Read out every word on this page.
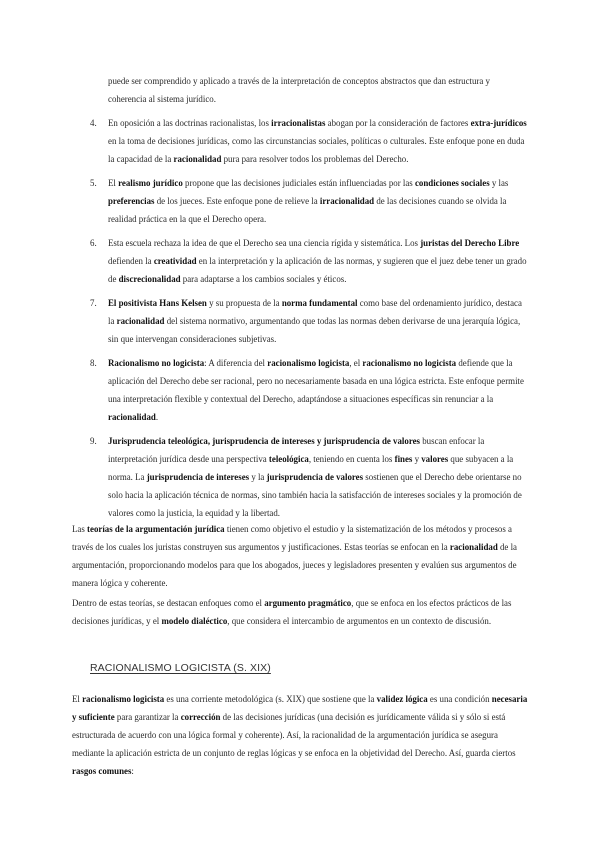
puede ser comprendido y aplicado a través de la interpretación de conceptos abstractos que dan estructura y coherencia al sistema jurídico.

4. En oposición a las doctrinas racionalistas, los irracionalistas abogan por la consideración de factores extra-jurídicos en la toma de decisiones jurídicas, como las circunstancias sociales, políticas o culturales. Este enfoque pone en duda la capacidad de la racionalidad pura para resolver todos los problemas del Derecho.

5. El realismo jurídico propone que las decisiones judiciales están influenciadas por las condiciones sociales y las preferencias de los jueces. Este enfoque pone de relieve la irracionalidad de las decisiones cuando se olvida la realidad práctica en la que el Derecho opera.

6. Esta escuela rechaza la idea de que el Derecho sea una ciencia rígida y sistemática. Los juristas del Derecho Libre defienden la creatividad en la interpretación y la aplicación de las normas, y sugieren que el juez debe tener un grado de discrecionalidad para adaptarse a los cambios sociales y éticos.

7. El positivista Hans Kelsen y su propuesta de la norma fundamental como base del ordenamiento jurídico, destaca la racionalidad del sistema normativo, argumentando que todas las normas deben derivarse de una jerarquía lógica, sin que intervengan consideraciones subjetivas.

8. Racionalismo no logicista: A diferencia del racionalismo logicista, el racionalismo no logicista defiende que la aplicación del Derecho debe ser racional, pero no necesariamente basada en una lógica estricta. Este enfoque permite una interpretación flexible y contextual del Derecho, adaptándose a situaciones específicas sin renunciar a la racionalidad.

9. Jurisprudencia teleológica, jurisprudencia de intereses y jurisprudencia de valores buscan enfocar la interpretación jurídica desde una perspectiva teleológica, teniendo en cuenta los fines y valores que subyacen a la norma. La jurisprudencia de intereses y la jurisprudencia de valores sostienen que el Derecho debe orientarse no solo hacia la aplicación técnica de normas, sino también hacia la satisfacción de intereses sociales y la promoción de valores como la justicia, la equidad y la libertad.

Las teorías de la argumentación jurídica tienen como objetivo el estudio y la sistematización de los métodos y procesos a través de los cuales los juristas construyen sus argumentos y justificaciones. Estas teorías se enfocan en la racionalidad de la argumentación, proporcionando modelos para que los abogados, jueces y legisladores presenten y evalúen sus argumentos de manera lógica y coherente.

Dentro de estas teorías, se destacan enfoques como el argumento pragmático, que se enfoca en los efectos prácticos de las decisiones jurídicas, y el modelo dialéctico, que considera el intercambio de argumentos en un contexto de discusión.

RACIONALISMO LOGICISTA (S. XIX)

El racionalismo logicista es una corriente metodológica (s. XIX) que sostiene que la validez lógica es una condición necesaria y suficiente para garantizar la corrección de las decisiones jurídicas (una decisión es jurídicamente válida si y sólo si está estructurada de acuerdo con una lógica formal y coherente). Así, la racionalidad de la argumentación jurídica se asegura mediante la aplicación estricta de un conjunto de reglas lógicas y se enfoca en la objetividad del Derecho. Así, guarda ciertos rasgos comunes:
